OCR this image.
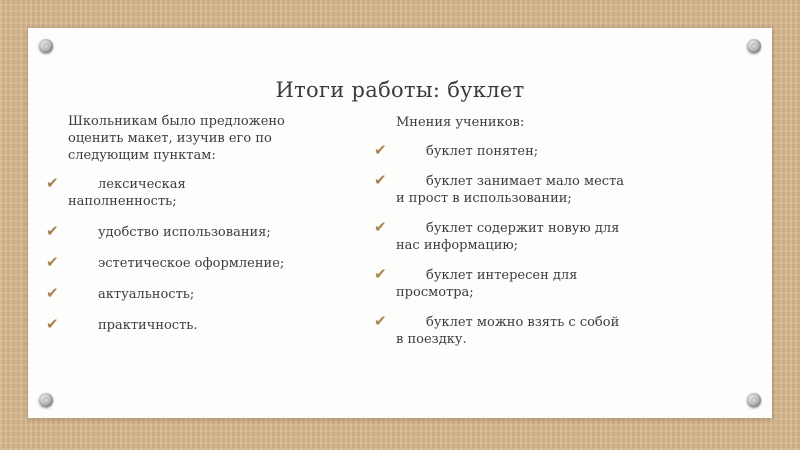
Итоги работы: буклет

Школьникам было предложено оценить макет, изучив его по следующим пунктам:

✔	лексическая наполненность;
✔	удобство использования;
✔	эстетическое оформление;
✔	актуальность;
✔	практичность.

Мнения учеников:

✔	буклет понятен;
✔	буклет занимает мало места и прост в использовании;
✔	буклет содержит новую для нас информацию;
✔	буклет интересен для просмотра;
✔	буклет можно взять с собой в поездку.
